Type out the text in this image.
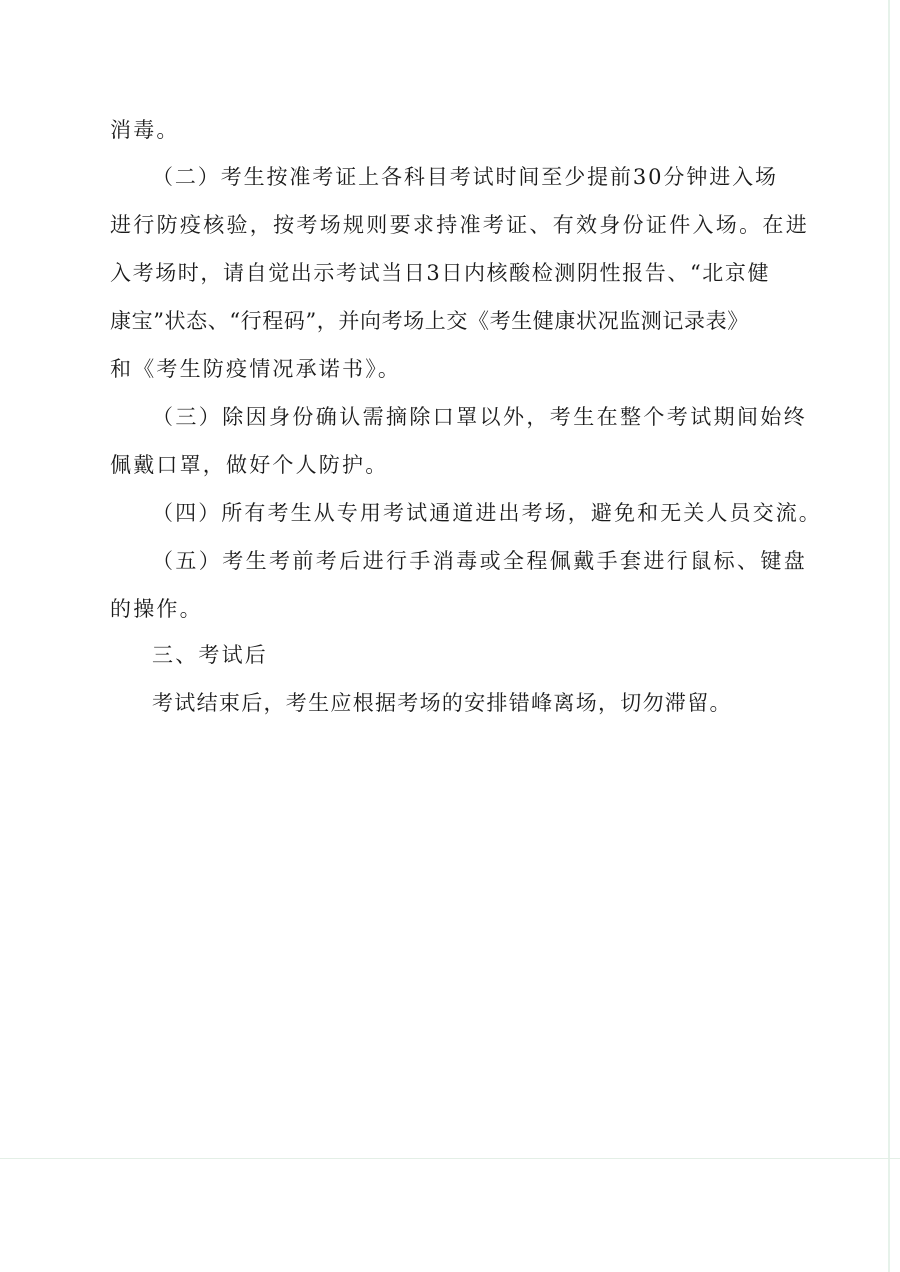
消毒。
（二）考生按准考证上各科目考试时间至少提前30分钟进入场
进行防疫核验，按考场规则要求持准考证、有效身份证件入场。在进
入考场时，请自觉出示考试当日3日内核酸检测阴性报告、“北京健
康宝”状态、“行程码”，并向考场上交《考生健康状况监测记录表》
和《考生防疫情况承诺书》。
（三）除因身份确认需摘除口罩以外，考生在整个考试期间始终
佩戴口罩，做好个人防护。
（四）所有考生从专用考试通道进出考场，避免和无关人员交流。
（五）考生考前考后进行手消毒或全程佩戴手套进行鼠标、键盘
的操作。
三、考试后
考试结束后，考生应根据考场的安排错峰离场，切勿滞留。
